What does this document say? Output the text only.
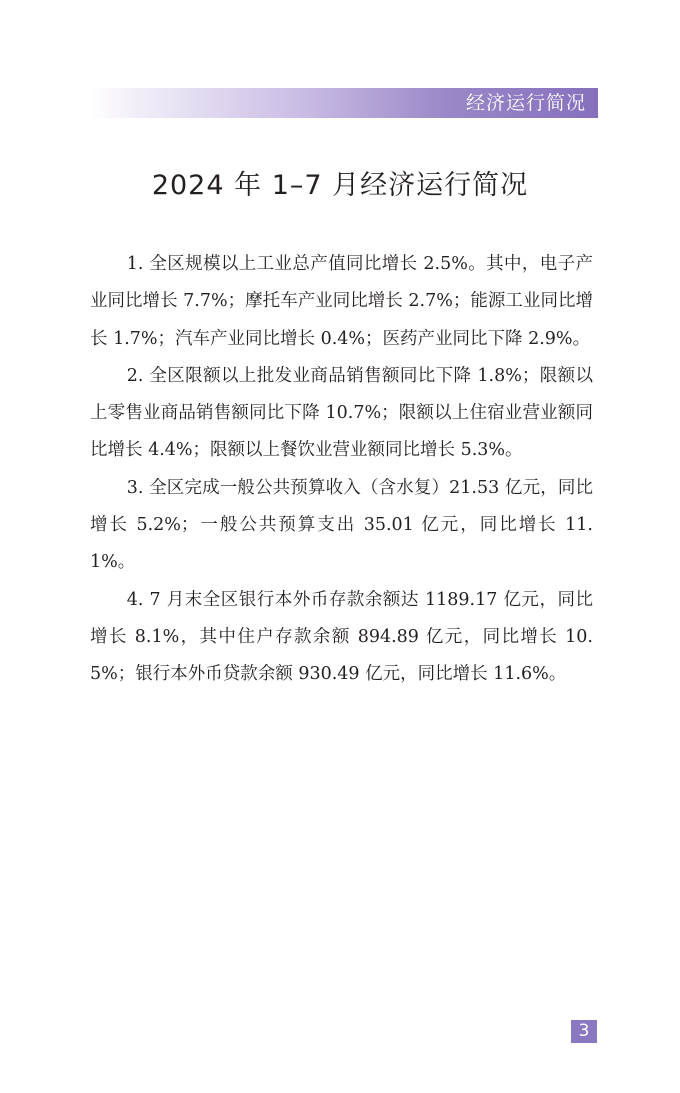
经济运行简况
2024 年 1–7 月经济运行简况

1. 全区规模以上工业总产值同比增长 2.5%。其中，电子产业同比增长 7.7%；摩托车产业同比增长 2.7%；能源工业同比增长 1.7%；汽车产业同比增长 0.4%；医药产业同比下降 2.9%。

2. 全区限额以上批发业商品销售额同比下降 1.8%；限额以上零售业商品销售额同比下降 10.7%；限额以上住宿业营业额同比增长 4.4%；限额以上餐饮业营业额同比增长 5.3%。

3. 全区完成一般公共预算收入（含水复）21.53 亿元，同比增长 5.2%；一般公共预算支出 35.01 亿元，同比增长 11.1%。

4. 7 月末全区银行本外币存款余额达 1189.17 亿元，同比增长 8.1%，其中住户存款余额 894.89 亿元，同比增长 10.5%；银行本外币贷款余额 930.49 亿元，同比增长 11.6%。

3
